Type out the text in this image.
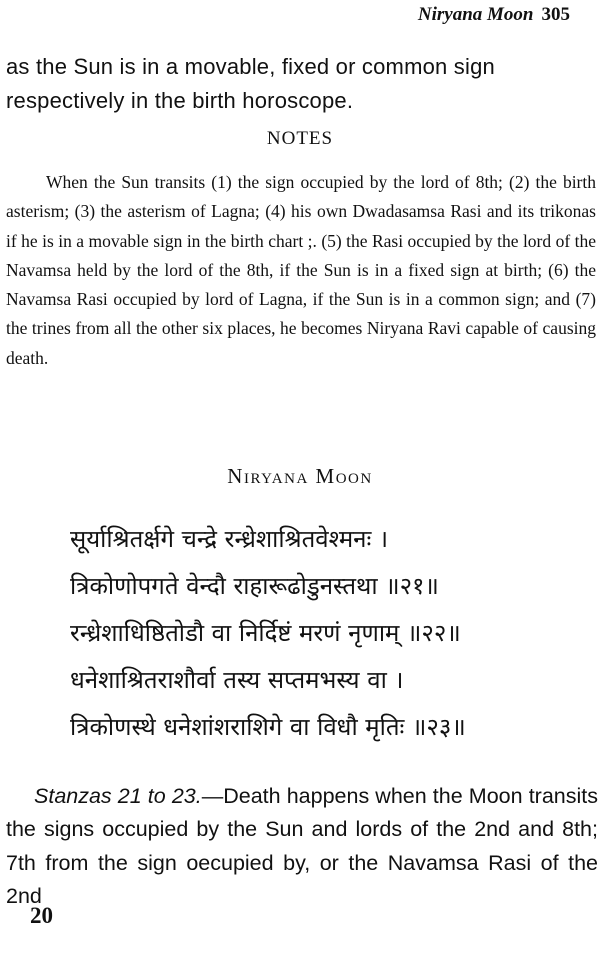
Niryana Moon 305

as the Sun is in a movable, fixed or common sign respectively in the birth horoscope.

NOTES

When the Sun transits (1) the sign occupied by the lord of 8th; (2) the birth asterism; (3) the asterism of Lagna; (4) his own Dwadasamsa Rasi and its trikonas if he is in a movable sign in the birth chart ;. (5) the Rasi occupied by the lord of the Navamsa held by the lord of the 8th, if the Sun is in a fixed sign at birth; (6) the Navamsa Rasi occupied by lord of Lagna, if the Sun is in a common sign; and (7) the trines from all the other six places, he becomes Niryana Ravi capable of causing death.

Niryana Moon
सूर्याश्रितर्क्षगे चन्द्रे रन्ध्रेशाश्रितवेश्मनः ।
त्रिकोणोपगते वेन्दौ राहारूढोडुनस्तथा ॥२१॥
रन्ध्रेशाधिष्ठितोडौ वा निर्दिष्टं मरणं नृणाम् ॥२२॥
धनेशाश्रितराशौर्वा तस्य सप्तमभस्य वा ।
त्रिकोणस्थे धनेशांशराशिगे वा विधौ मृतिः ॥२३॥

Stanzas 21 to 23.—Death happens when the Moon transits the signs occupied by the Sun and lords of the 2nd and 8th; 7th from the sign oecupied by, or the Navamsa Rasi of the 2nd

20
